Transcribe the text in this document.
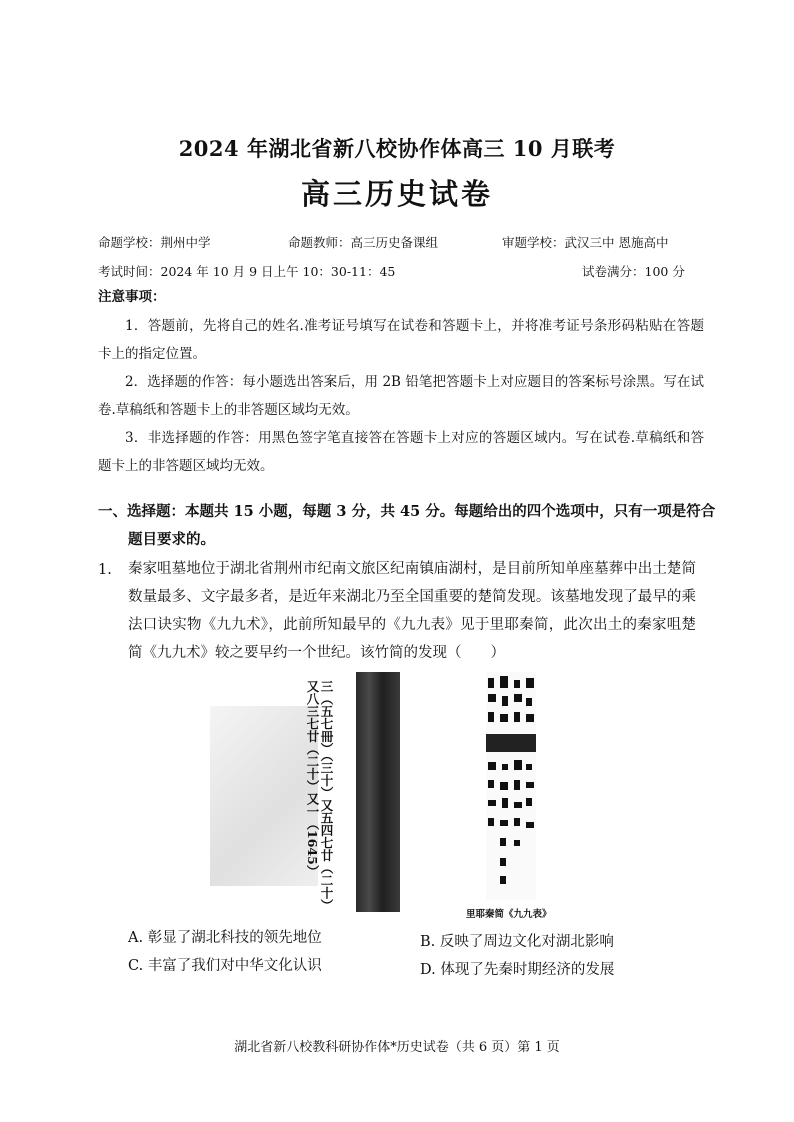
2024 年湖北省新八校协作体高三 10 月联考
高三历史试卷
命题学校：荆州中学	命题教师：高三历史备课组	审题学校：武汉三中 恩施高中
考试时间：2024 年 10 月 9 日上午 10：30-11：45	试卷满分：100 分
注意事项：
1．答题前，先将自己的姓名.准考证号填写在试卷和答题卡上，并将准考证号条形码粘贴在答题卡上的指定位置。
2．选择题的作答：每小题选出答案后，用 2B 铅笔把答题卡上对应题目的答案标号涂黑。写在试卷.草稿纸和答题卡上的非答题区域均无效。
3．非选择题的作答：用黑色签字笔直接答在答题卡上对应的答题区域内。写在试卷.草稿纸和答题卡上的非答题区域均无效。
一、选择题：本题共 15 小题，每题 3 分，共 45 分。每题给出的四个选项中，只有一项是符合
题目要求的。
1. 秦家咀墓地位于湖北省荆州市纪南文旅区纪南镇庙湖村，是目前所知单座墓葬中出土楚简数量最多、文字最多者，是近年来湖北乃至全国重要的楚简发现。该墓地发现了最早的乘法口诀实物《九九术》，此前所知最早的《九九表》见于里耶秦简，此次出土的秦家咀楚简《九九术》较之要早约一个世纪。该竹简的发现（　　）
三（五七冊）（三十）又五四七廿（二十）
又八三七廿（二十）又一（1645）
里耶秦简《九九表》
A. 彰显了湖北科技的领先地位	B. 反映了周边文化对湖北影响
C. 丰富了我们对中华文化认识	D. 体现了先秦时期经济的发展
湖北省新八校教科研协作体*历史试卷（共 6 页）第 1 页
